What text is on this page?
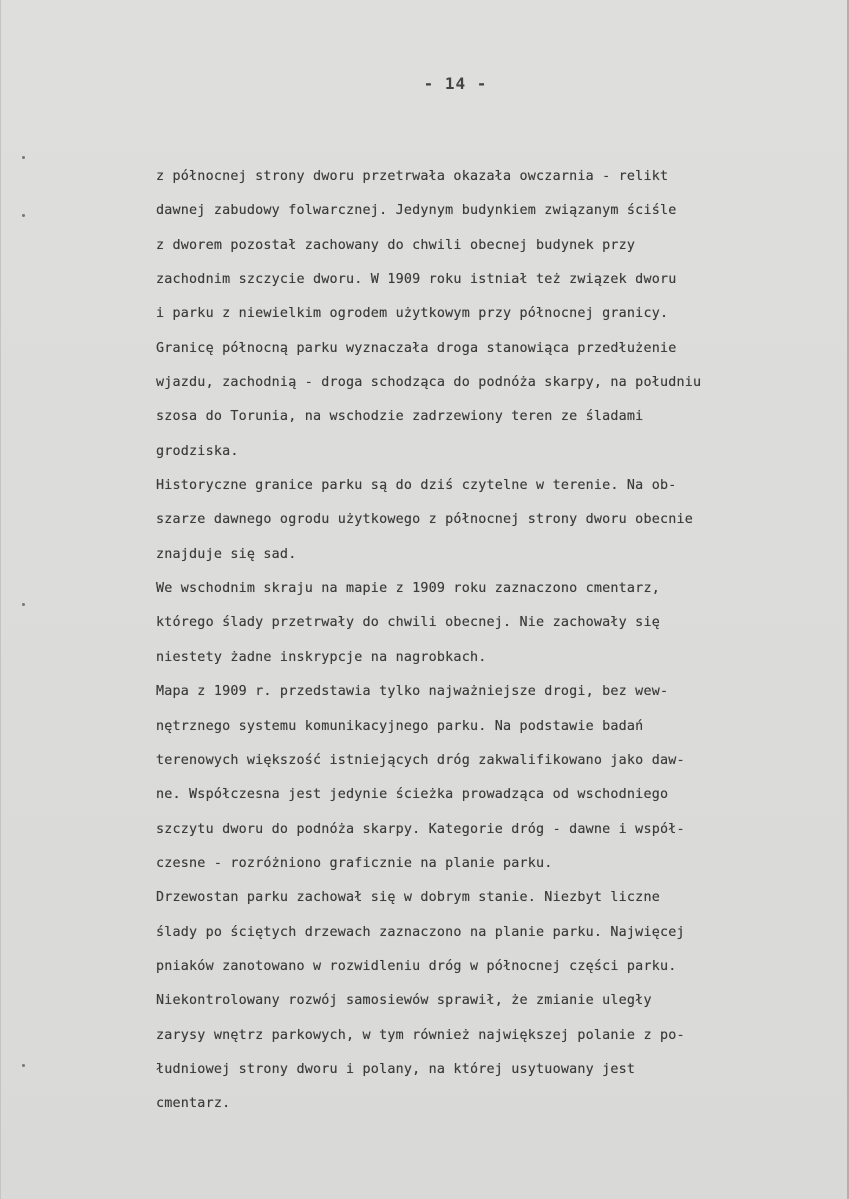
- 14 -
z północnej strony dworu przetrwała okazała owczarnia - relikt
dawnej zabudowy folwarcznej. Jedynym budynkiem związanym ściśle
z dworem pozostał zachowany do chwili obecnej budynek przy
zachodnim szczycie dworu. W 1909 roku istniał też związek dworu
i parku z niewielkim ogrodem użytkowym przy północnej granicy.
Granicę północną parku wyznaczała droga stanowiąca przedłużenie
wjazdu, zachodnią - droga schodząca do podnóża skarpy, na południu
szosa do Torunia, na wschodzie zadrzewiony teren ze śladami
grodziska.
Historyczne granice parku są do dziś czytelne w terenie. Na ob-
szarze dawnego ogrodu użytkowego z północnej strony dworu obecnie
znajduje się sad.
We wschodnim skraju na mapie z 1909 roku zaznaczono cmentarz,
którego ślady przetrwały do chwili obecnej. Nie zachowały się
niestety żadne inskrypcje na nagrobkach.
Mapa z 1909 r. przedstawia tylko najważniejsze drogi, bez wew-
nętrznego systemu komunikacyjnego parku. Na podstawie badań
terenowych większość istniejących dróg zakwalifikowano jako daw-
ne. Współczesna jest jedynie ścieżka prowadząca od wschodniego
szczytu dworu do podnóża skarpy. Kategorie dróg - dawne i współ-
czesne - rozróżniono graficznie na planie parku.
Drzewostan parku zachował się w dobrym stanie. Niezbyt liczne
ślady po ściętych drzewach zaznaczono na planie parku. Najwięcej
pniaków zanotowano w rozwidleniu dróg w północnej części parku.
Niekontrolowany rozwój samosiewów sprawił, że zmianie uległy
zarysy wnętrz parkowych, w tym również największej polanie z po-
łudniowej strony dworu i polany, na której usytuowany jest
cmentarz.
